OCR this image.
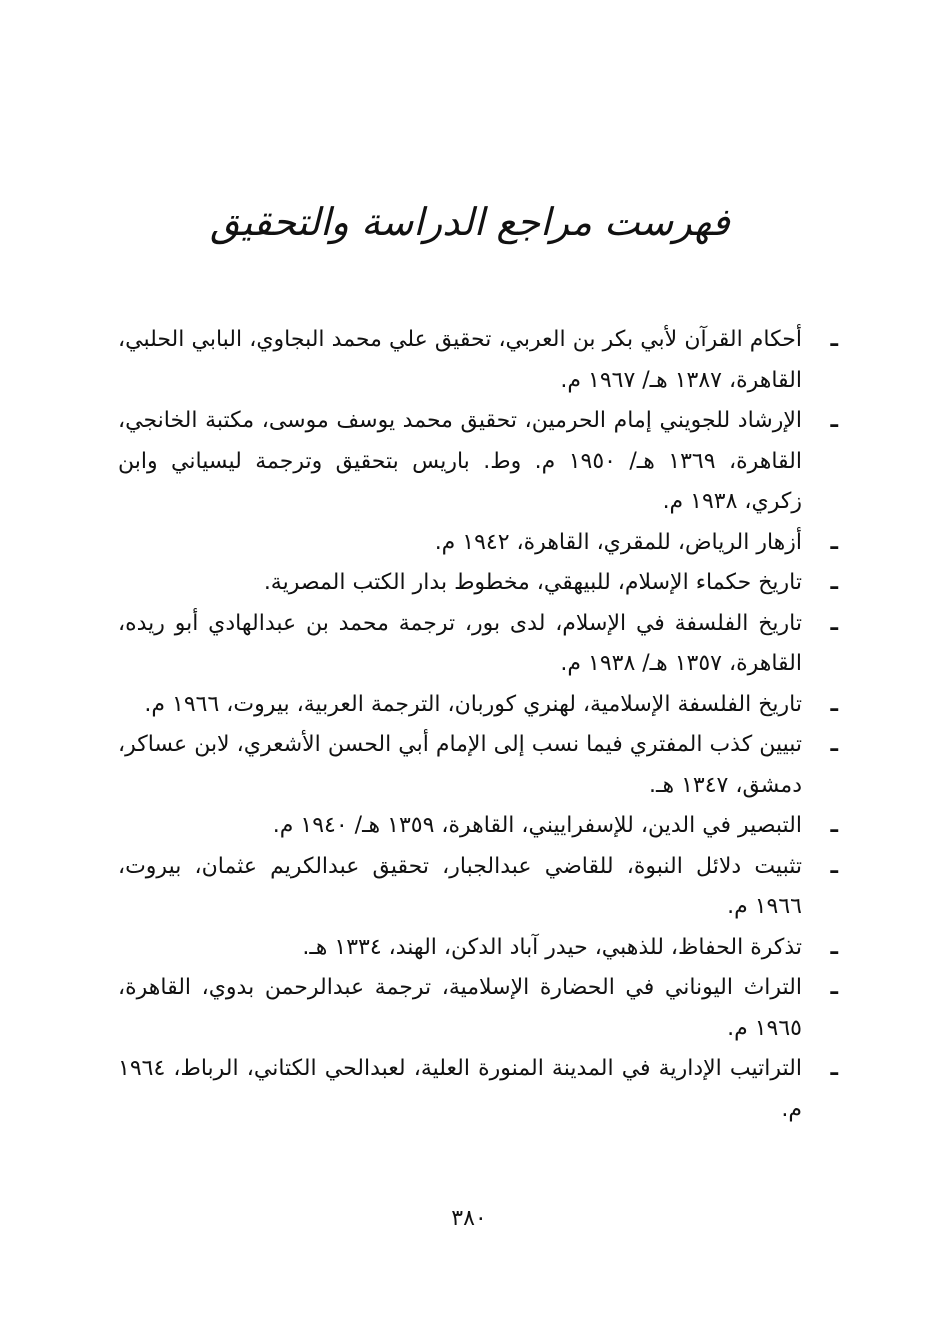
فهرست مراجع الدراسة والتحقيق
ـ
أحكام القرآن لأبي بكر بن العربي، تحقيق علي محمد البجاوي، البابي الحلبي، القاهرة، ١٣٨٧ هـ/ ١٩٦٧ م.
ـ
الإرشاد للجويني إمام الحرمين، تحقيق محمد يوسف موسى، مكتبة الخانجي، القاهرة، ١٣٦٩ هـ/ ١٩٥٠ م. وط. باريس بتحقيق وترجمة ليسياني وابن زكري، ١٩٣٨ م.
ـ
أزهار الرياض، للمقري، القاهرة، ١٩٤٢ م.
ـ
تاريخ حكماء الإسلام، للبيهقي، مخطوط بدار الكتب المصرية.
ـ
تاريخ الفلسفة في الإسلام، لدى بور، ترجمة محمد بن عبدالهادي أبو ريده، القاهرة، ١٣٥٧ هـ/ ١٩٣٨ م.
ـ
تاريخ الفلسفة الإسلامية، لهنري كوربان، الترجمة العربية، بيروت، ١٩٦٦ م.
ـ
تبيين كذب المفتري فيما نسب إلى الإمام أبي الحسن الأشعري، لابن عساكر، دمشق، ١٣٤٧ هـ.
ـ
التبصير في الدين، للإسفراييني، القاهرة، ١٣٥٩ هـ/ ١٩٤٠ م.
ـ
تثبيت دلائل النبوة، للقاضي عبدالجبار، تحقيق عبدالكريم عثمان، بيروت، ١٩٦٦ م.
ـ
تذكرة الحفاظ، للذهبي، حيدر آباد الدكن، الهند، ١٣٣٤ هـ.
ـ
التراث اليوناني في الحضارة الإسلامية، ترجمة عبدالرحمن بدوي، القاهرة، ١٩٦٥ م.
ـ
التراتيب الإدارية في المدينة المنورة العلية، لعبدالحي الكتاني، الرباط، ١٩٦٤ م.
٣٨٠
